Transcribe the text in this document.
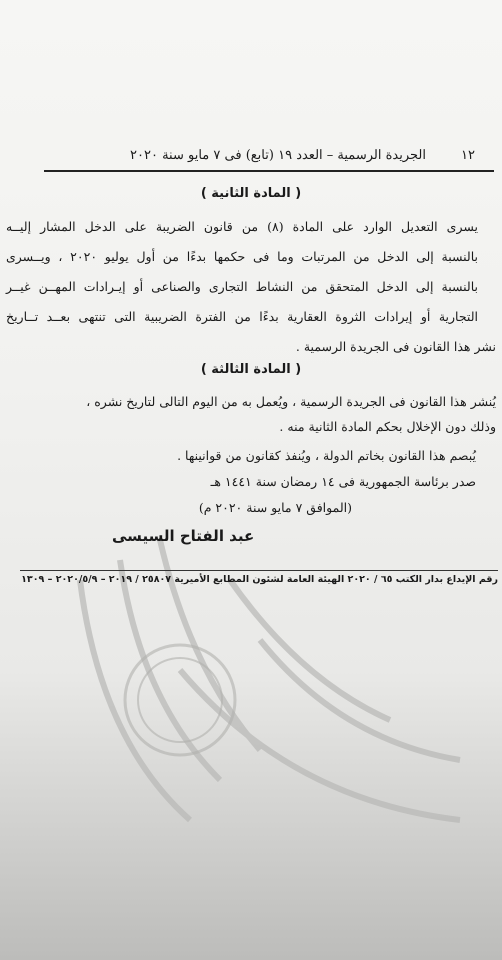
١٢
الجريدة الرسمية – العدد ١٩ (تابع) فى ٧ مايو سنة ٢٠٢٠
( المادة الثانية )
يسرى التعديل الوارد على المادة (٨) من قانون الضريبة على الدخل المشار إليــه
بالنسبة إلى الدخل من المرتبات وما فى حكمها بدءًا من أول يوليو ٢٠٢٠ ، ويــسرى
بالنسبة إلى الدخل المتحقق من النشاط التجارى والصناعى أو إيـرادات المهــن غيــر
التجارية أو إيرادات الثروة العقارية بدءًا من الفترة الضريبية التى تنتهى بعــد تــاريخ
نشر هذا القانون فى الجريدة الرسمية .
( المادة الثالثة )
يُنشر هذا القانون فى الجريدة الرسمية ، ويُعمل به من اليوم التالى لتاريخ نشره ،
وذلك دون الإخلال بحكم المادة الثانية منه .
يُبصم هذا القانون بخاتم الدولة ، ويُنفذ كقانون من قوانينها .
صدر برئاسة الجمهورية فى ١٤ رمضان سنة ١٤٤١ هـ
(الموافق ٧ مايو سنة ٢٠٢٠ م)
عبد الفتاح السيسى
رقم الإيداع بدار الكتب ٦٥ / ٢٠٢٠ الهيئة العامة لشئون المطابع الأميرية ٢٥٨٠٧ / ٢٠١٩ – ٢٠٢٠/٥/٩ – ١٣٠٩
